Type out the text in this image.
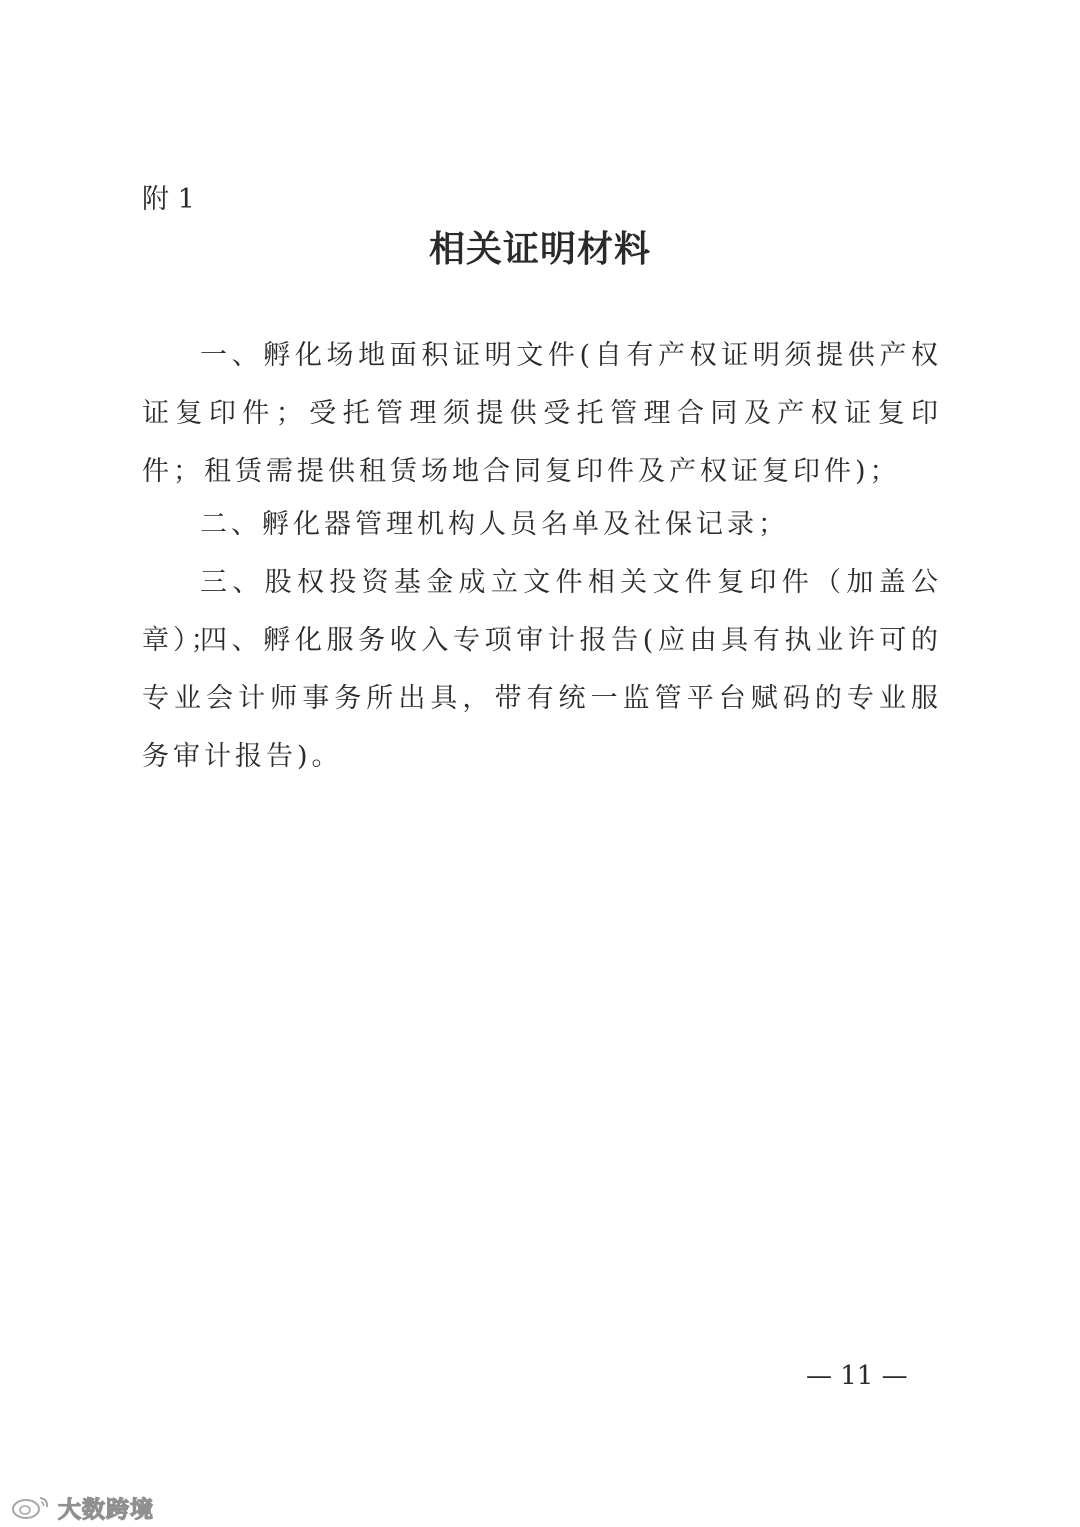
附 1
相关证明材料
一、孵化场地面积证明文件(自有产权证明须提供产权证复印件；受托管理须提供受托管理合同及产权证复印件；租赁需提供租赁场地合同复印件及产权证复印件)；
二、孵化器管理机构人员名单及社保记录；
三、股权投资基金成立文件相关文件复印件（加盖公章）；
四、孵化服务收入专项审计报告(应由具有执业许可的专业会计师事务所出具，带有统一监管平台赋码的专业服务审计报告)。
— 11 —
大数跨境
